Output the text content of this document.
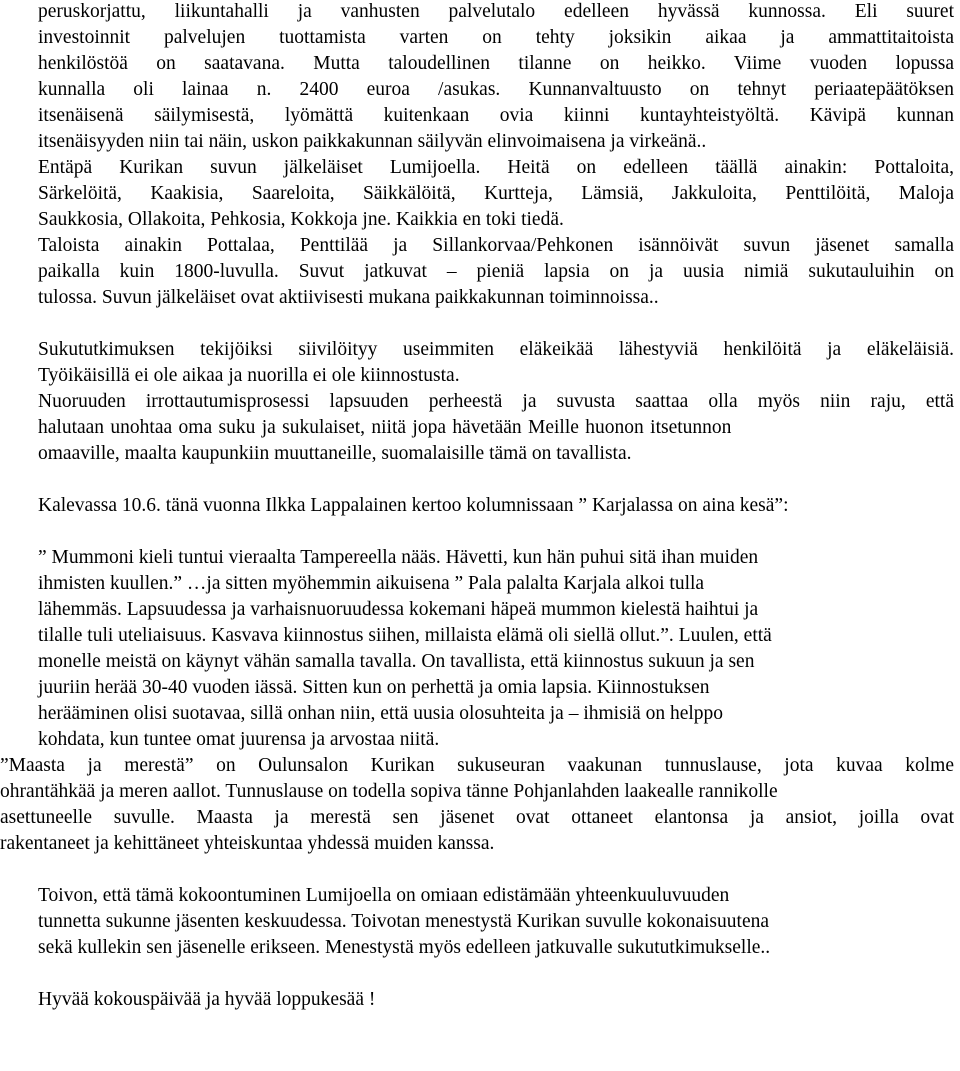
peruskorjattu, liikuntahalli ja vanhusten palvelutalo edelleen hyvässä kunnossa. Eli suuret
investoinnit palvelujen tuottamista varten on tehty joksikin aikaa ja ammattitaitoista
henkilöstöä on saatavana. Mutta taloudellinen tilanne on heikko. Viime vuoden lopussa
kunnalla oli lainaa n. 2400 euroa /asukas. Kunnanvaltuusto on tehnyt periaatepäätöksen
itsenäisenä säilymisestä, lyömättä kuitenkaan ovia kiinni kuntayhteistyöltä. Kävipä kunnan
itsenäisyyden niin tai näin, uskon paikkakunnan säilyvän elinvoimaisena ja virkeänä..
Entäpä Kurikan suvun jälkeläiset Lumijoella. Heitä on edelleen täällä ainakin: Pottaloita,
Särkelöitä, Kaakisia, Saareloita, Säikkälöitä, Kurtteja, Lämsiä, Jakkuloita, Penttilöitä, Maloja
Saukkosia, Ollakoita, Pehkosia, Kokkoja jne. Kaikkia en toki tiedä.
Taloista ainakin Pottalaa, Penttilää ja Sillankorvaa/Pehkonen isännöivät suvun jäsenet samalla
paikalla kuin 1800-luvulla. Suvut jatkuvat – pieniä lapsia on ja uusia nimiä sukutauluihin on
tulossa. Suvun jälkeläiset ovat aktiivisesti mukana paikkakunnan toiminnoissa..
Sukututkimuksen tekijöiksi siivilöityy useimmiten eläkeikää lähestyviä henkilöitä ja eläkeläisiä.
Työikäisillä ei ole aikaa ja nuorilla ei ole kiinnostusta.
Nuoruuden irrottautumisprosessi lapsuuden perheestä ja suvusta saattaa olla myös niin raju, että
halutaan unohtaa oma suku ja sukulaiset, niitä jopa hävetään Meille huonon itsetunnon
omaaville, maalta kaupunkiin muuttaneille, suomalaisille tämä on tavallista.
Kalevassa 10.6. tänä vuonna Ilkka Lappalainen kertoo kolumnissaan ” Karjalassa on aina kesä”:
” Mummoni kieli tuntui vieraalta Tampereella nääs. Hävetti, kun hän puhui sitä ihan muiden
ihmisten kuullen.” …ja sitten myöhemmin aikuisena ” Pala palalta Karjala alkoi tulla
lähemmäs. Lapsuudessa ja varhaisnuoruudessa kokemani häpeä mummon kielestä haihtui ja
tilalle tuli uteliaisuus. Kasvava kiinnostus siihen, millaista elämä oli siellä ollut.”. Luulen, että
monelle meistä on käynyt vähän samalla tavalla. On tavallista, että kiinnostus sukuun ja sen
juuriin herää 30-40 vuoden iässä. Sitten kun on perhettä ja omia lapsia. Kiinnostuksen
herääminen olisi suotavaa, sillä onhan niin, että uusia olosuhteita ja – ihmisiä on helppo
kohdata, kun tuntee omat juurensa ja arvostaa niitä.
”Maasta ja merestä” on Oulunsalon Kurikan sukuseuran vaakunan tunnuslause, jota kuvaa kolme
ohrantähkää ja meren aallot. Tunnuslause on todella sopiva tänne Pohjanlahden laakealle rannikolle
asettuneelle suvulle. Maasta ja merestä sen jäsenet ovat ottaneet elantonsa ja ansiot, joilla ovat
rakentaneet ja kehittäneet yhteiskuntaa yhdessä muiden kanssa.
Toivon, että tämä kokoontuminen Lumijoella on omiaan edistämään yhteenkuuluvuuden
tunnetta sukunne jäsenten keskuudessa. Toivotan menestystä Kurikan suvulle kokonaisuutena
sekä kullekin sen jäsenelle erikseen. Menestystä myös edelleen jatkuvalle sukututkimukselle..
Hyvää kokouspäivää ja hyvää loppukesää !
